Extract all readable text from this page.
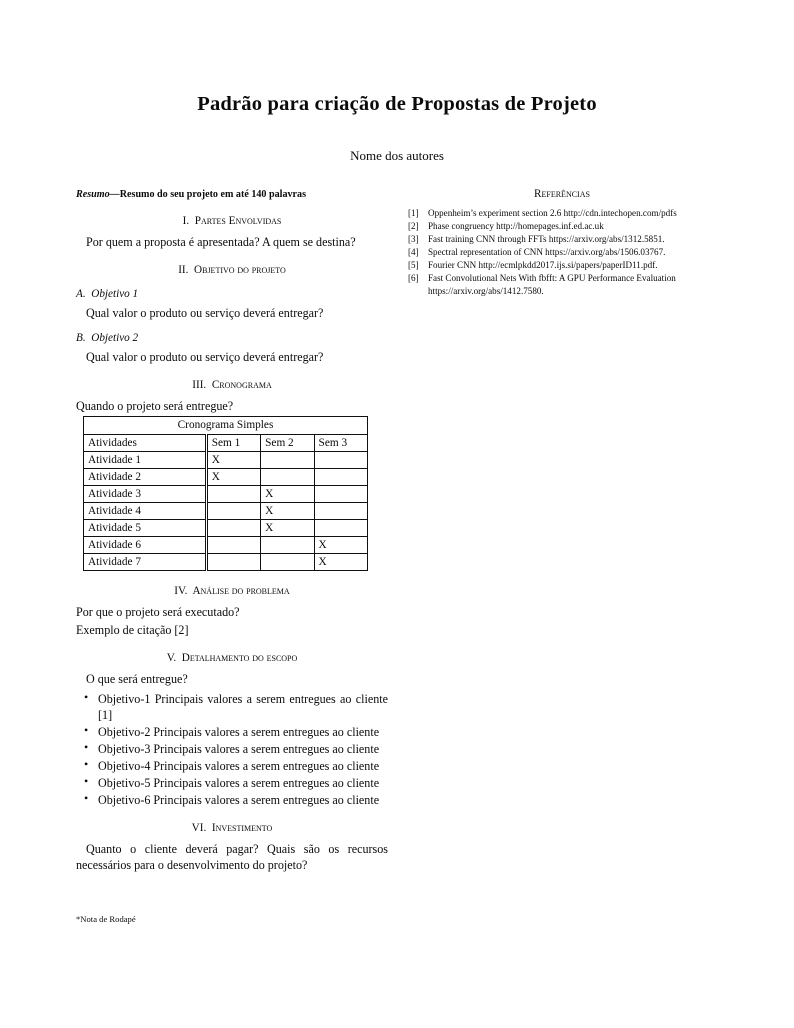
Padrão para criação de Propostas de Projeto

Nome dos autores

Resumo—Resumo do seu projeto em até 140 palavras

I. Partes Envolvidas

Por quem a proposta é apresentada? A quem se destina?

II. Objetivo do projeto
A. Objetivo 1

Qual valor o produto ou serviço deverá entregar?

B. Objetivo 2

Qual valor o produto ou serviço deverá entregar?

III. Cronograma

Quando o projeto será entregue?

Cronograma Simples			
Atividades	Sem 1	Sem 2	Sem 3
Atividade 1	X		
Atividade 2	X		
Atividade 3		X	
Atividade 4		X	
Atividade 5		X	
Atividade 6			X
Atividade 7			X
IV. Análise do problema

Por que o projeto será executado?

Exemplo de citação [2]

V. Detalhamento do escopo

O que será entregue?

• Objetivo-1 Principais valores a serem entregues ao cliente [1]
• Objetivo-2 Principais valores a serem entregues ao cliente
• Objetivo-3 Principais valores a serem entregues ao cliente
• Objetivo-4 Principais valores a serem entregues ao cliente
• Objetivo-5 Principais valores a serem entregues ao cliente
• Objetivo-6 Principais valores a serem entregues ao cliente
VI. Investimento

Quanto o cliente deverá pagar? Quais são os recursos necessários para o desenvolvimento do projeto?

Referências
[1]	Oppenheim’s experiment section 2.6 http://cdn.intechopen.com/pdfs
[2]	Phase congruency http://homepages.inf.ed.ac.uk
[3]	Fast training CNN through FFTs https://arxiv.org/abs/1312.5851.
[4]	Spectral representation of CNN https://arxiv.org/abs/1506.03767.
[5]	Fourier CNN http://ecmlpkdd2017.ijs.si/papers/paperID11.pdf.
[6]	Fast Convolutional Nets With fbfft: A GPU Performance Evaluation https://arxiv.org/abs/1412.7580.

*Nota de Rodapé
